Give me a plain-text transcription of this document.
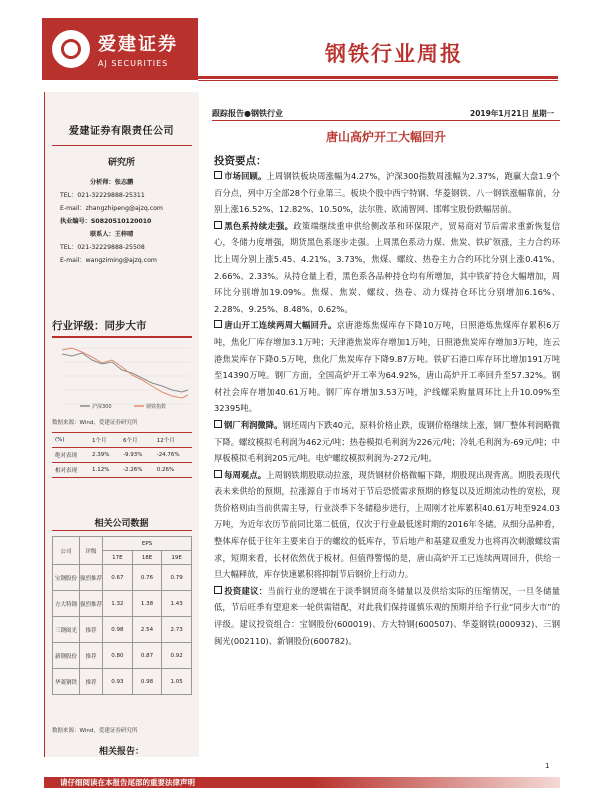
爱建证券
AJ SECURITIES	钢铁行业周报
爱建证券有限责任公司
研究所
分析师：张志鹏
TEL：021-32229888-25311
E-mail：zhangzhipeng@ajzq.com
执业编号：S0820510120010
联系人：王梓晴
TEL：021-32229888-25508
E-mail：wangziming@ajzq.com
行业评级：同步大市
沪深300	钢铁指数
数据来源：Wind，爱建证券研究所
(%)	1个月	6个月	12个月
绝对表现	2.39%	-9.93%	-24.76%
相对表现	1.12%	-2.26%	0.26%
相关公司数据
公司	评级	EPS		
		17E	18E	19E
宝钢股份	强烈推荐	0.67	0.76	0.79
方大特钢	强烈推荐	1.32	1.38	1.43
三钢闽光	推荐	0.98	2.54	2.73
新钢股份	推荐	0.80	0.87	0.92
华菱钢铁	推荐	0.93	0.98	1.05
数据来源：Wind，爱建证券研究所
相关报告：
跟踪报告●钢铁行业	2019年1月21日 星期一
唐山高炉开工大幅回升
投资要点：

市场回顾。上周钢铁板块周涨幅为4.27%，沪深300指数周涨幅为2.37%，跑赢大盘1.9个百分点，列中万全部28个行业第三。板块个股中西宁特钢、华菱钢铁、八一钢铁涨幅靠前，分别上涨16.52%、12.82%、10.50%，法尔胜、欧浦智网、邯郸宝股份跌幅居前。

黑色系持续走强。政策端继续重申供给侧改革和环保限产，贸易商对节后需求重新恢复信心，冬储力度增强，期货黑色系逐步走强。上周黑色系动力煤、焦炭、铁矿领涨，主力合约环比上周分别上涨5.45、4.21%、3.73%，焦煤、螺纹、热卷主力合约环比分别上涨0.41%、2.66%、2.33%。从持仓量上看，黑色系各品种持仓均有所增加，其中铁矿持仓大幅增加，周环比分别增加19.09%。焦煤、焦炭、螺纹、热卷、动力煤持仓环比分别增加6.16%、2.28%、9.25%、8.48%、0.62%。

唐山开工连续两周大幅回升。京唐港炼焦煤库存下降10万吨，日照港炼焦煤库存累积6万吨，焦化厂库存增加3.1万吨；天津港焦炭库存增加1万吨，日照港焦炭库存增加3万吨，连云港焦炭库存下降0.5万吨，焦化厂焦炭库存下降9.87万吨。铁矿石港口库存环比增加191万吨至14390万吨。钢厂方面，全国高炉开工率为64.92%，唐山高炉开工率回升至57.32%。钢材社会库存增加40.61万吨。钢厂库存增加3.53万吨，沪线螺采购量周环比上升10.09%至32395吨。

钢厂利润微降。钢坯周内下跌40元，原料价格止跌，废钢价格继续上涨，钢厂整体利润略微下降。螺纹模拟毛利润为462元/吨；热卷模拟毛利润为226元/吨；冷轧毛利润为-69元/吨；中厚板模拟毛利润205元/吨。电炉螺纹模拟利润为-272元/吨。

每周观点。上周钢铁期股联动拉涨，现货钢材价格微幅下降，期股现出现背离。期股表现代表未来供给的预期，拉涨源自于市场对于节后恐慌需求预期的修复以及近期流动性的宽松，现货价格则由当前供需主导，行业淡季下冬储稳步进行，上周刚才社库累积40.61万吨至924.03万吨，为近年农历节前同比第二低值，仅次于行业最低迷时期的2016年冬储。从细分品种看，整体库存低于往年主要来自于的螺纹的低库存，节后地产和基建双重发力也将再次刺激螺纹需求，短期来看，长材依然优于板材。但值得警惕的是，唐山高炉开工已连续两周回升，供给一旦大幅释放，库存快速累积将抑制节后钢价上行动力。

投资建议：当前行业的逻辑在于淡季钢贸商冬储量以及供给实际的压缩情况，一旦冬储量低，节后旺季有望迎来一轮供需错配，对此我们保持谨慎乐观的预期并给予行业“同步大市”的评级。建议投资组合：宝钢股份(600019)、方大特钢(600507)、华菱钢铁(000932)、三钢闽光(002110)、新钢股份(600782)。

请仔细阅读在本报告尾部的重要法律声明
1
